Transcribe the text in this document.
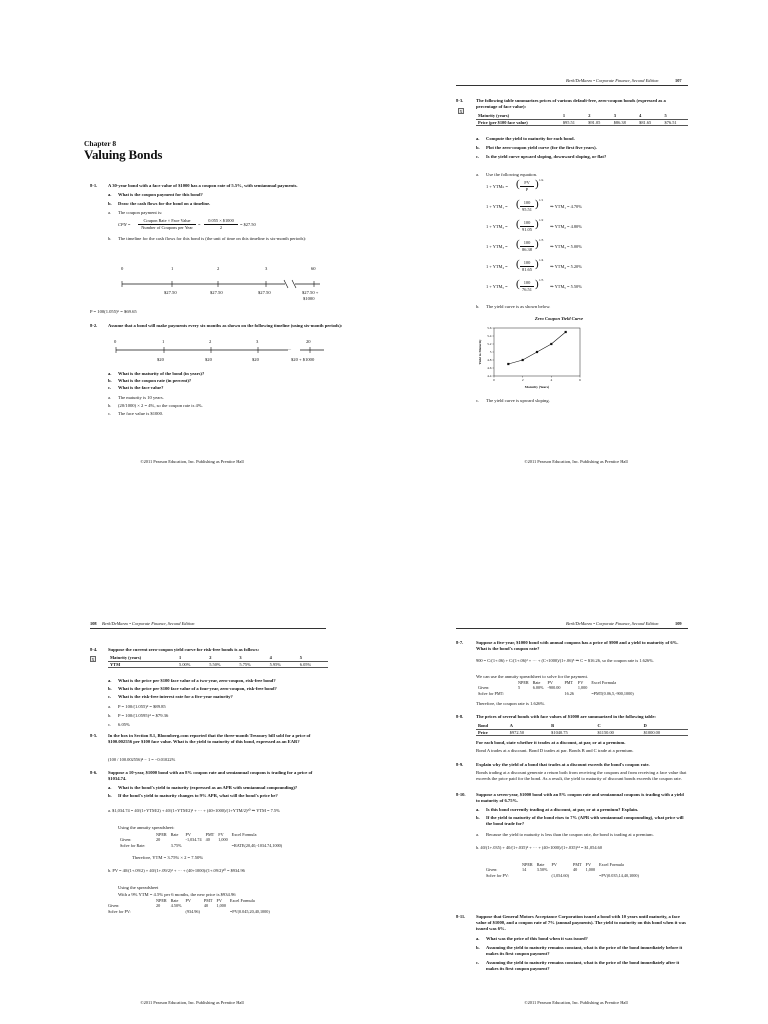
Chapter 8
Valuing Bonds
8-1. A 30-year bond with a face value of $1000 has a coupon rate of 5.5%, with semiannual payments.
a. What is the coupon payment for this bond?
b. Draw the cash flows for the bond on a timeline.
a. The coupon payment is:
CPN =
Coupon Rate × Face Value
Number of Coupons per Year
=
0.055 × $1000
2
= $27.50
b. The timeline for the cash flows for this bond is (the unit of time on this timeline is six-month periods):
0	1	2	3	60
$27.50	$27.50	$27.50	$27.50 +
$1000
P = 100(1.055)⁶ = $69.65
8-2. Assume that a bond will make payments every six months as shown on the following timeline (using six-month periods):
0	1	2	3	20
...
$20	$20	$20	$20 + $1000
a. What is the maturity of the bond (in years)?
b. What is the coupon rate (in percent)?
c. What is the face value?
a. The maturity is 10 years.
b. (20/1000) × 2 = 4%, so the coupon rate is 4%.
c. The face value is $1000.
©2011 Pearson Education, Inc. Publishing as Prentice Hall
Berk/DeMarzo • Corporate Finance, Second Edition	107
8-3.
X
The following table summarizes prices of various default-free, zero-coupon bonds (expressed as a percentage of face value):
Maturity (years)	1	2	3	4	5
Price (per $100 face value)	$95.51	$91.05	$86.38	$81.65	$76.51
a. Compute the yield to maturity for each bond.
b. Plot the zero-coupon yield curve (for the first five years).
c. Is the yield curve upward sloping, downward sloping, or flat?
a. Use the following equation.
1 + YTMₙ = (	FV
P ) 1/n
1 + YTM₁ = ( 100
95.51 ) 1/1
⇒ YTM₁ = 4.70%
1 + YTM₂ = ( 100
91.05 ) 1/2
⇒ YTM₂ = 4.80%
1 + YTM₃ = ( 100
86.38 ) 1/3
⇒ YTM₃ = 5.00%
1 + YTM₄ = ( 100
81.65 ) 1/4
⇒ YTM₄ = 5.20%
1 + YTM₅ = ( 100
76.51 ) 1/5
⇒ YTM₅ = 5.50%
b. The yield curve is as shown below.
Zero Coupon Yield Curve
4.4
4.6
4.8
5
5.2
5.4
5.6
0	2	4	6
Maturity (Years)
Yield to Maturity
c. The yield curve is upward sloping.
©2011 Pearson Education, Inc. Publishing as Prentice Hall
108 Berk/DeMarzo • Corporate Finance, Second Edition
8-4.
X
Suppose the current zero-coupon yield curve for risk-free bonds is as follows:
Maturity (years)	1	2	3	4	5
YTM	5.00%	5.50%	5.75%	5.95%	6.05%
a. What is the price per $100 face value of a two-year, zero-coupon, risk-free bond?
b. What is the price per $100 face value of a four-year, zero-coupon, risk-free bond?
c. What is the risk-free interest rate for a five-year maturity?
a. P = 100/(1.055)² = $89.85
b. P = 100/(1.0595)⁴ = $79.36
c. 6.05%
8-5. In the box in Section 8.1, Bloomberg.com reported that the three-month Treasury bill sold for a price of $100.002556 per $100 face value. What is the yield to maturity of this bond, expressed as an EAR?
(100 / 100.002556)⁴ − 1 = −0.01022%
8-6. Suppose a 10-year, $1000 bond with an 8% coupon rate and semiannual coupons is trading for a price of $1034.74.
a. What is the bond's yield to maturity (expressed as an APR with semiannual compounding)?
b. If the bond's yield to maturity changes to 9% APR, what will the bond's price be?
a. $1,034.74 = 40/(1+YTM/2) + 40/(1+YTM/2)² + ··· + (40+1000)/(1+YTM/2)²⁰ ⇒ YTM = 7.5%
Using the annuity spreadsheet:
	NPER	Rate	PV	PMT	FV	Excel Formula
Given:	20		-1,034.74	40	1,000	
Solve for Rate:		3.75%				=RATE(20,40,-1034.74,1000)
Therefore, YTM = 3.75% × 2 = 7.50%
b. PV = 40/(1+.09/2) + 40/(1+.09/2)² + ··· + (40+1000)/(1+.09/2)²⁰ = $934.96
Using the spreadsheet
With a 9% YTM = 4.5% per 6 months, the new price is $934.96
	NPER	Rate	PV	PMT	FV	Excel Formula
Given:	20	4.50%		40	1,000	
Solve for PV:			(934.96)			=PV(0.045,20,40,1000)
©2011 Pearson Education, Inc. Publishing as Prentice Hall
Berk/DeMarzo • Corporate Finance, Second Edition	109
8-7.	Suppose a five-year, $1000 bond with annual coupons has a price of $900 and a yield to maturity of 6%. What is the bond's coupon rate?
900 = C/(1+.06) + C/(1+.06)² + ··· + (C+1000)/(1+.06)⁵ ⇒ C = $16.26, so the coupon rate is 1.626%.
We can use the annuity spreadsheet to solve for the payment.
	NPER	Rate	PV	PMT	FV	Excel Formula
Given:	5	6.00%	-900.00		1,000	
Solve for PMT:				16.26		=PMT(0.06,5,-900,1000)
Therefore, the coupon rate is 1.626%.
8-8.	The prices of several bonds with face values of $1000 are summarized in the following table:
Bond	A	B	C	D
Price	$972.50	$1040.75	$1150.00	$1000.00
For each bond, state whether it trades at a discount, at par, or at a premium.
Bond A trades at a discount. Bond D trades at par. Bonds B and C trade at a premium.
8-9.	Explain why the yield of a bond that trades at a discount exceeds the bond's coupon rate.
Bonds trading at a discount generate a return both from receiving the coupons and from receiving a face value that exceeds the price paid for the bond. As a result, the yield to maturity of discount bonds exceeds the coupon rate.
8-10. Suppose a seven-year, $1000 bond with an 8% coupon rate and semiannual coupons is trading with a yield to maturity of 6.75%.
a. Is this bond currently trading at a discount, at par, or at a premium? Explain.
b. If the yield to maturity of the bond rises to 7% (APR with semiannual compounding), what price will the bond trade for?
a. Because the yield to maturity is less than the coupon rate, the bond is trading at a premium.
b. 40/(1+.035) + 40/(1+.035)² + ··· + (40+1000)/(1+.035)¹⁴ = $1,054.60
	NPER	Rate	PV	PMT	FV	Excel Formula
Given:	14	3.50%		40	1,000	
Solve for PV:			(1,054.60)			=PV(0.035,14,40,1000)
8-11. Suppose that General Motors Acceptance Corporation issued a bond with 10 years until maturity, a face value of $1000, and a coupon rate of 7% (annual payments). The yield to maturity on this bond when it was issued was 6%.
a. What was the price of this bond when it was issued?
b. Assuming the yield to maturity remains constant, what is the price of the bond immediately before it makes its first coupon payment?
c. Assuming the yield to maturity remains constant, what is the price of the bond immediately after it makes its first coupon payment?
©2011 Pearson Education, Inc. Publishing as Prentice Hall
